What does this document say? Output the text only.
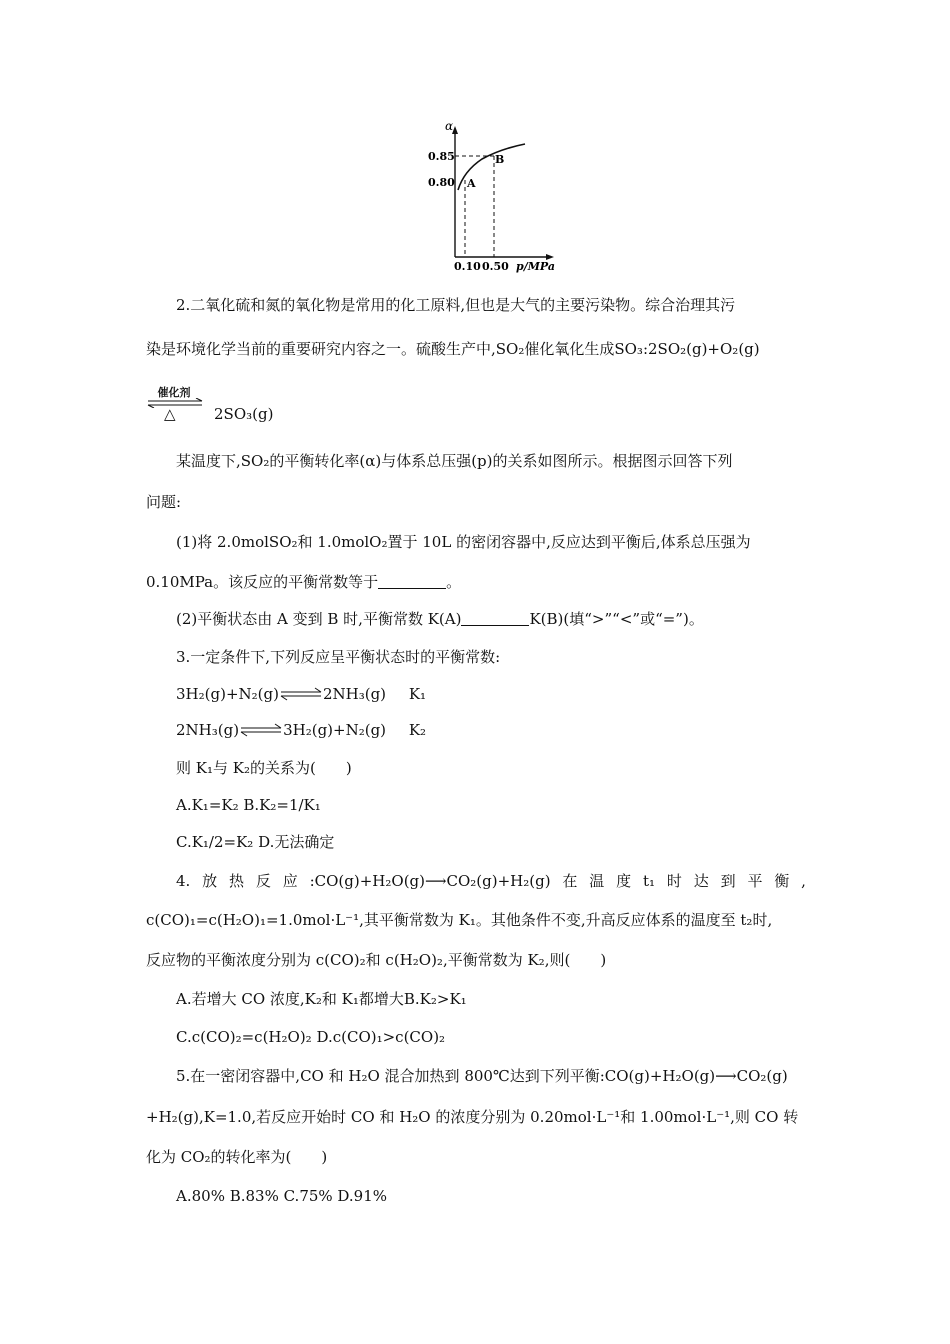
α
0.85
0.80 A
B
0.10 0.50 p/MPa
2.二氧化硫和氮的氧化物是常用的化工原料,但也是大气的主要污染物。综合治理其污
染是环境化学当前的重要研究内容之一。硫酸生产中,SO₂催化氧化生成SO₃:2SO₂(g)+O₂(g)
催化剂
△	2SO₃(g)
某温度下,SO₂的平衡转化率(α)与体系总压强(p)的关系如图所示。根据图示回答下列
问题:
(1)将 2.0molSO₂和 1.0molO₂置于 10L 的密闭容器中,反应达到平衡后,体系总压强为
0.10MPa。该反应的平衡常数等于	。
(2)平衡状态由 A 变到 B 时,平衡常数 K(A)	K(B)(填“>”“<”或“=”)。
3.一定条件下,下列反应呈平衡状态时的平衡常数:
3H₂(g)+N₂(g)⇌2NH₃(g) K₁
2NH₃(g)⇌3H₂(g)+N₂(g) K₂
则 K₁与 K₂的关系为(　　)
A.K₁=K₂ B.K₂=1/K₁
C.K₁/2=K₂ D.无法确定
4. 放 热 反 应 :CO(g)+H₂O(g)⟶CO₂(g)+H₂(g) 在 温 度 t₁ 时 达 到 平 衡 ,
c(CO)₁=c(H₂O)₁=1.0mol·L⁻¹,其平衡常数为 K₁。其他条件不变,升高反应体系的温度至 t₂时,
反应物的平衡浓度分别为 c(CO)₂和 c(H₂O)₂,平衡常数为 K₂,则(　　)
A.若增大 CO 浓度,K₂和 K₁都增大B.K₂>K₁
C.c(CO)₂=c(H₂O)₂ D.c(CO)₁>c(CO)₂
5.在一密闭容器中,CO 和 H₂O 混合加热到 800℃达到下列平衡:CO(g)+H₂O(g)⟶CO₂(g)
+H₂(g),K=1.0,若反应开始时 CO 和 H₂O 的浓度分别为 0.20mol·L⁻¹和 1.00mol·L⁻¹,则 CO 转
化为 CO₂的转化率为(　　)
A.80% B.83% C.75% D.91%
